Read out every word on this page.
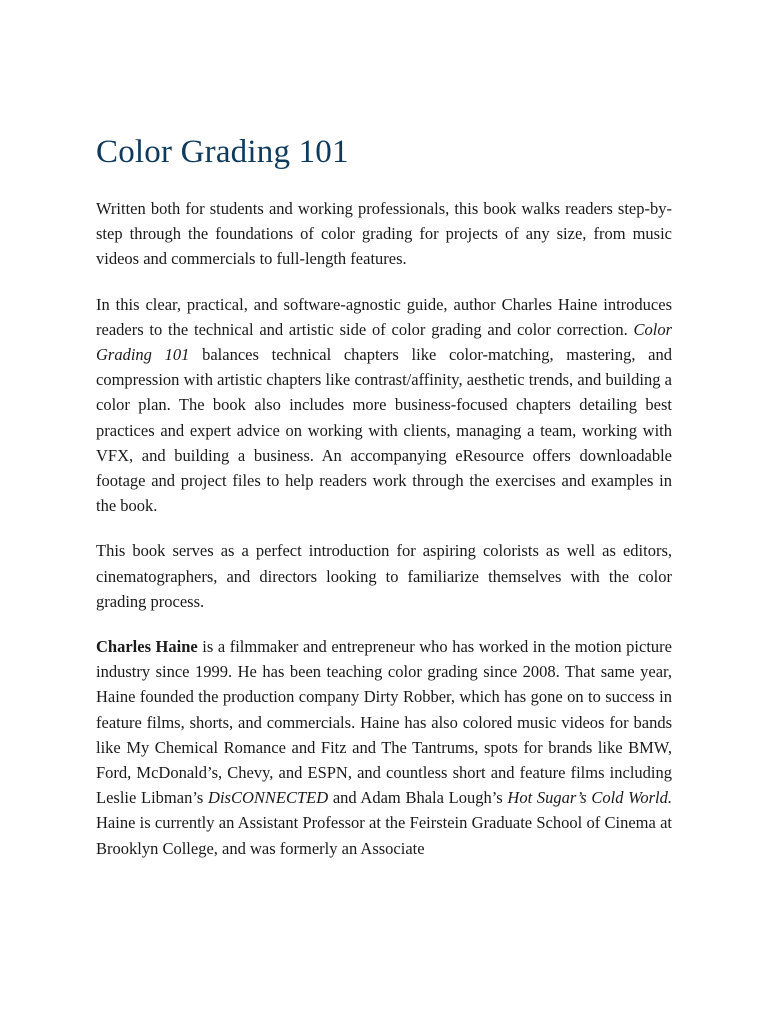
Color Grading 101

Written both for students and working professionals, this book walks readers step-by-step through the foundations of color grading for projects of any size, from music videos and commercials to full-length features.

In this clear, practical, and software-agnostic guide, author Charles Haine introduces readers to the technical and artistic side of color grading and color correction. Color Grading 101 balances technical chapters like color-matching, mastering, and compression with artistic chapters like contrast/affinity, aesthetic trends, and building a color plan. The book also includes more business-focused chapters detailing best practices and expert advice on working with clients, managing a team, working with VFX, and building a business. An accompanying eResource offers downloadable footage and project files to help readers work through the exercises and examples in the book.

This book serves as a perfect introduction for aspiring colorists as well as editors, cinematographers, and directors looking to familiarize themselves with the color grading process.

Charles Haine is a filmmaker and entrepreneur who has worked in the motion picture industry since 1999. He has been teaching color grading since 2008. That same year, Haine founded the production company Dirty Robber, which has gone on to success in feature films, shorts, and commercials. Haine has also colored music videos for bands like My Chemical Romance and Fitz and The Tantrums, spots for brands like BMW, Ford, McDonald’s, Chevy, and ESPN, and countless short and feature films including Leslie Libman’s DisCONNECTED and Adam Bhala Lough’s Hot Sugar’s Cold World. Haine is currently an Assistant Professor at the Feirstein Graduate School of Cinema at Brooklyn College, and was formerly an Associate
